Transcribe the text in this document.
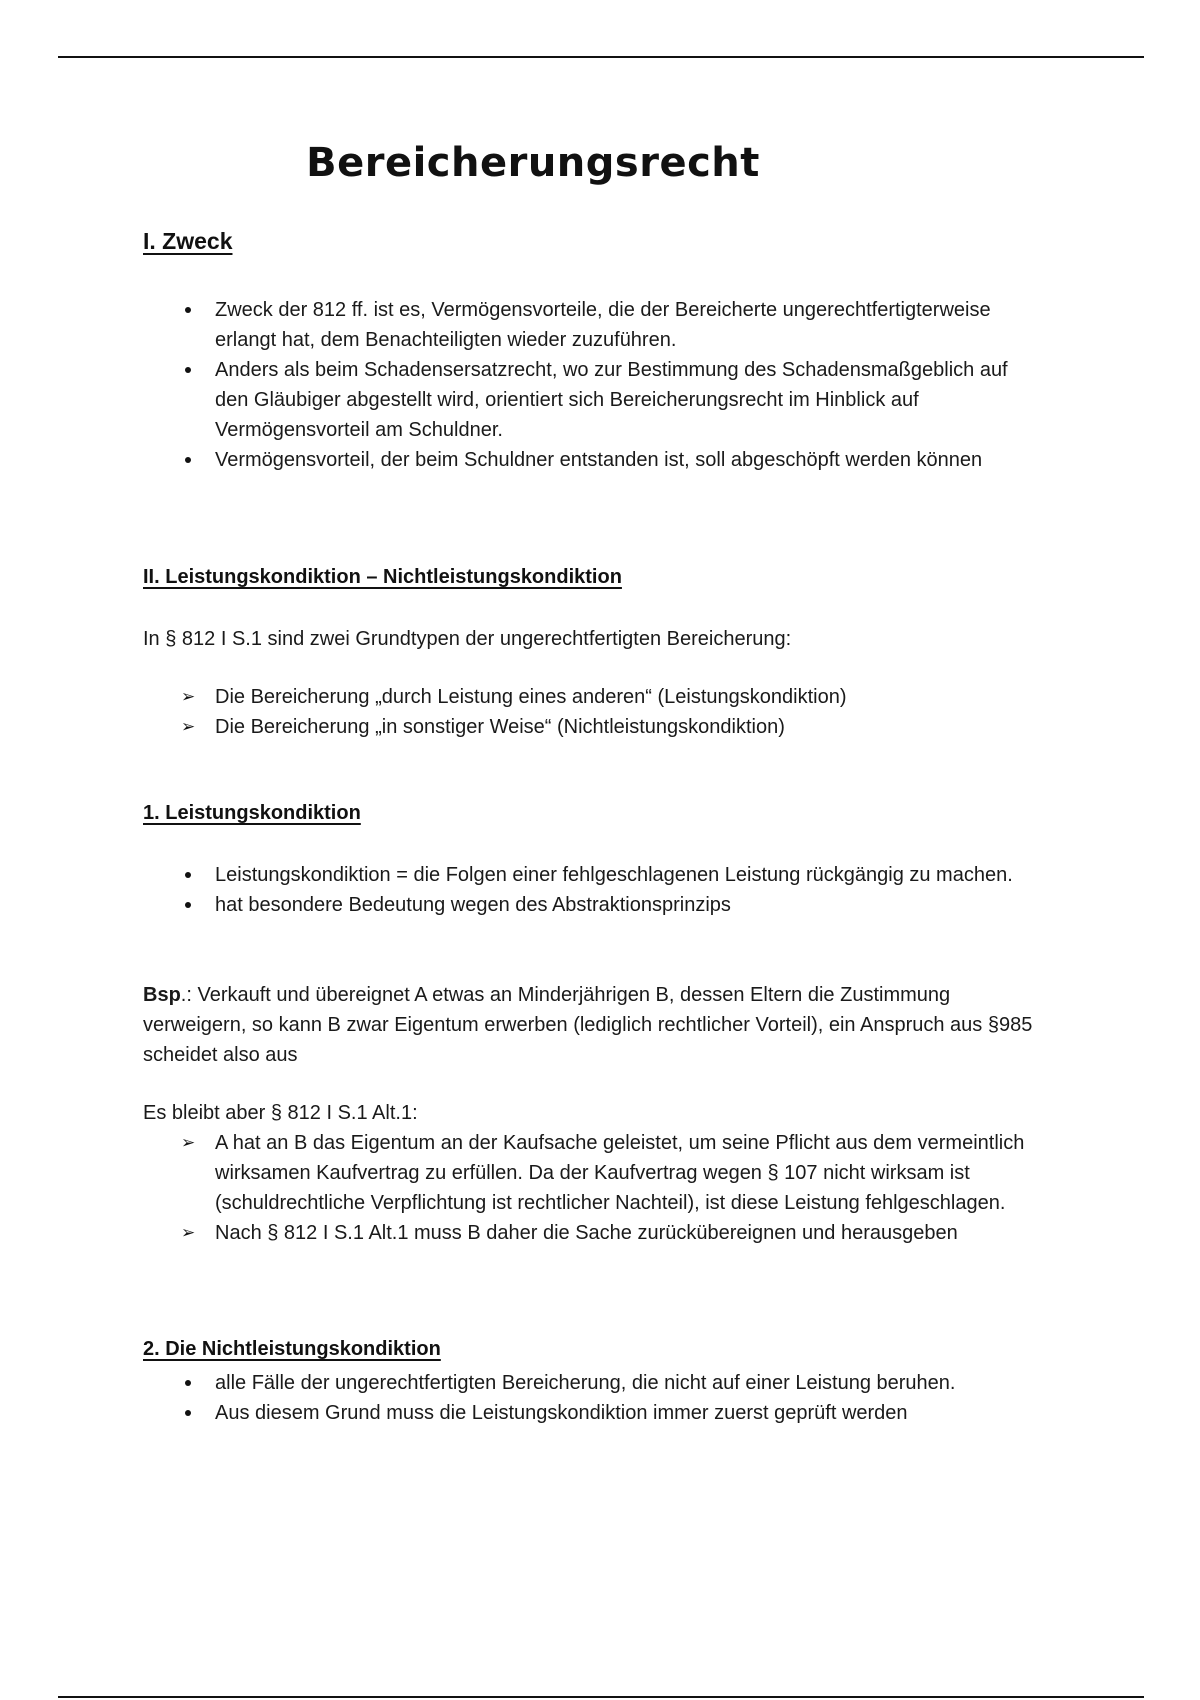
Bereicherungsrecht
I. Zweck
Zweck der 812 ff. ist es, Vermögensvorteile, die der Bereicherte ungerechtfertigterweise erlangt hat, dem Benachteiligten wieder zuzuführen.
Anders als beim Schadensersatzrecht, wo zur Bestimmung des Schadensmaßgeblich auf den Gläubiger abgestellt wird, orientiert sich Bereicherungsrecht im Hinblick auf Vermögensvorteil am Schuldner.
Vermögensvorteil, der beim Schuldner entstanden ist, soll abgeschöpft werden können
II. Leistungskondiktion – Nichtleistungskondiktion

In § 812 I S.1 sind zwei Grundtypen der ungerechtfertigten Bereicherung:

➢ Die Bereicherung „durch Leistung eines anderen“ (Leistungskondiktion)
➢ Die Bereicherung „in sonstiger Weise“ (Nichtleistungskondiktion)
1. Leistungskondiktion
Leistungskondiktion = die Folgen einer fehlgeschlagenen Leistung rückgängig zu machen.
hat besondere Bedeutung wegen des Abstraktionsprinzips

Bsp.: Verkauft und übereignet A etwas an Minderjährigen B, dessen Eltern die Zustimmung verweigern, so kann B zwar Eigentum erwerben (lediglich rechtlicher Vorteil), ein Anspruch aus §985 scheidet also aus

Es bleibt aber § 812 I S.1 Alt.1:

➢ A hat an B das Eigentum an der Kaufsache geleistet, um seine Pflicht aus dem vermeintlich wirksamen Kaufvertrag zu erfüllen. Da der Kaufvertrag wegen § 107 nicht wirksam ist (schuldrechtliche Verpflichtung ist rechtlicher Nachteil), ist diese Leistung fehlgeschlagen.
➢ Nach § 812 I S.1 Alt.1 muss B daher die Sache zurückübereignen und herausgeben
2. Die Nichtleistungskondiktion
alle Fälle der ungerechtfertigten Bereicherung, die nicht auf einer Leistung beruhen.
Aus diesem Grund muss die Leistungskondiktion immer zuerst geprüft werden
